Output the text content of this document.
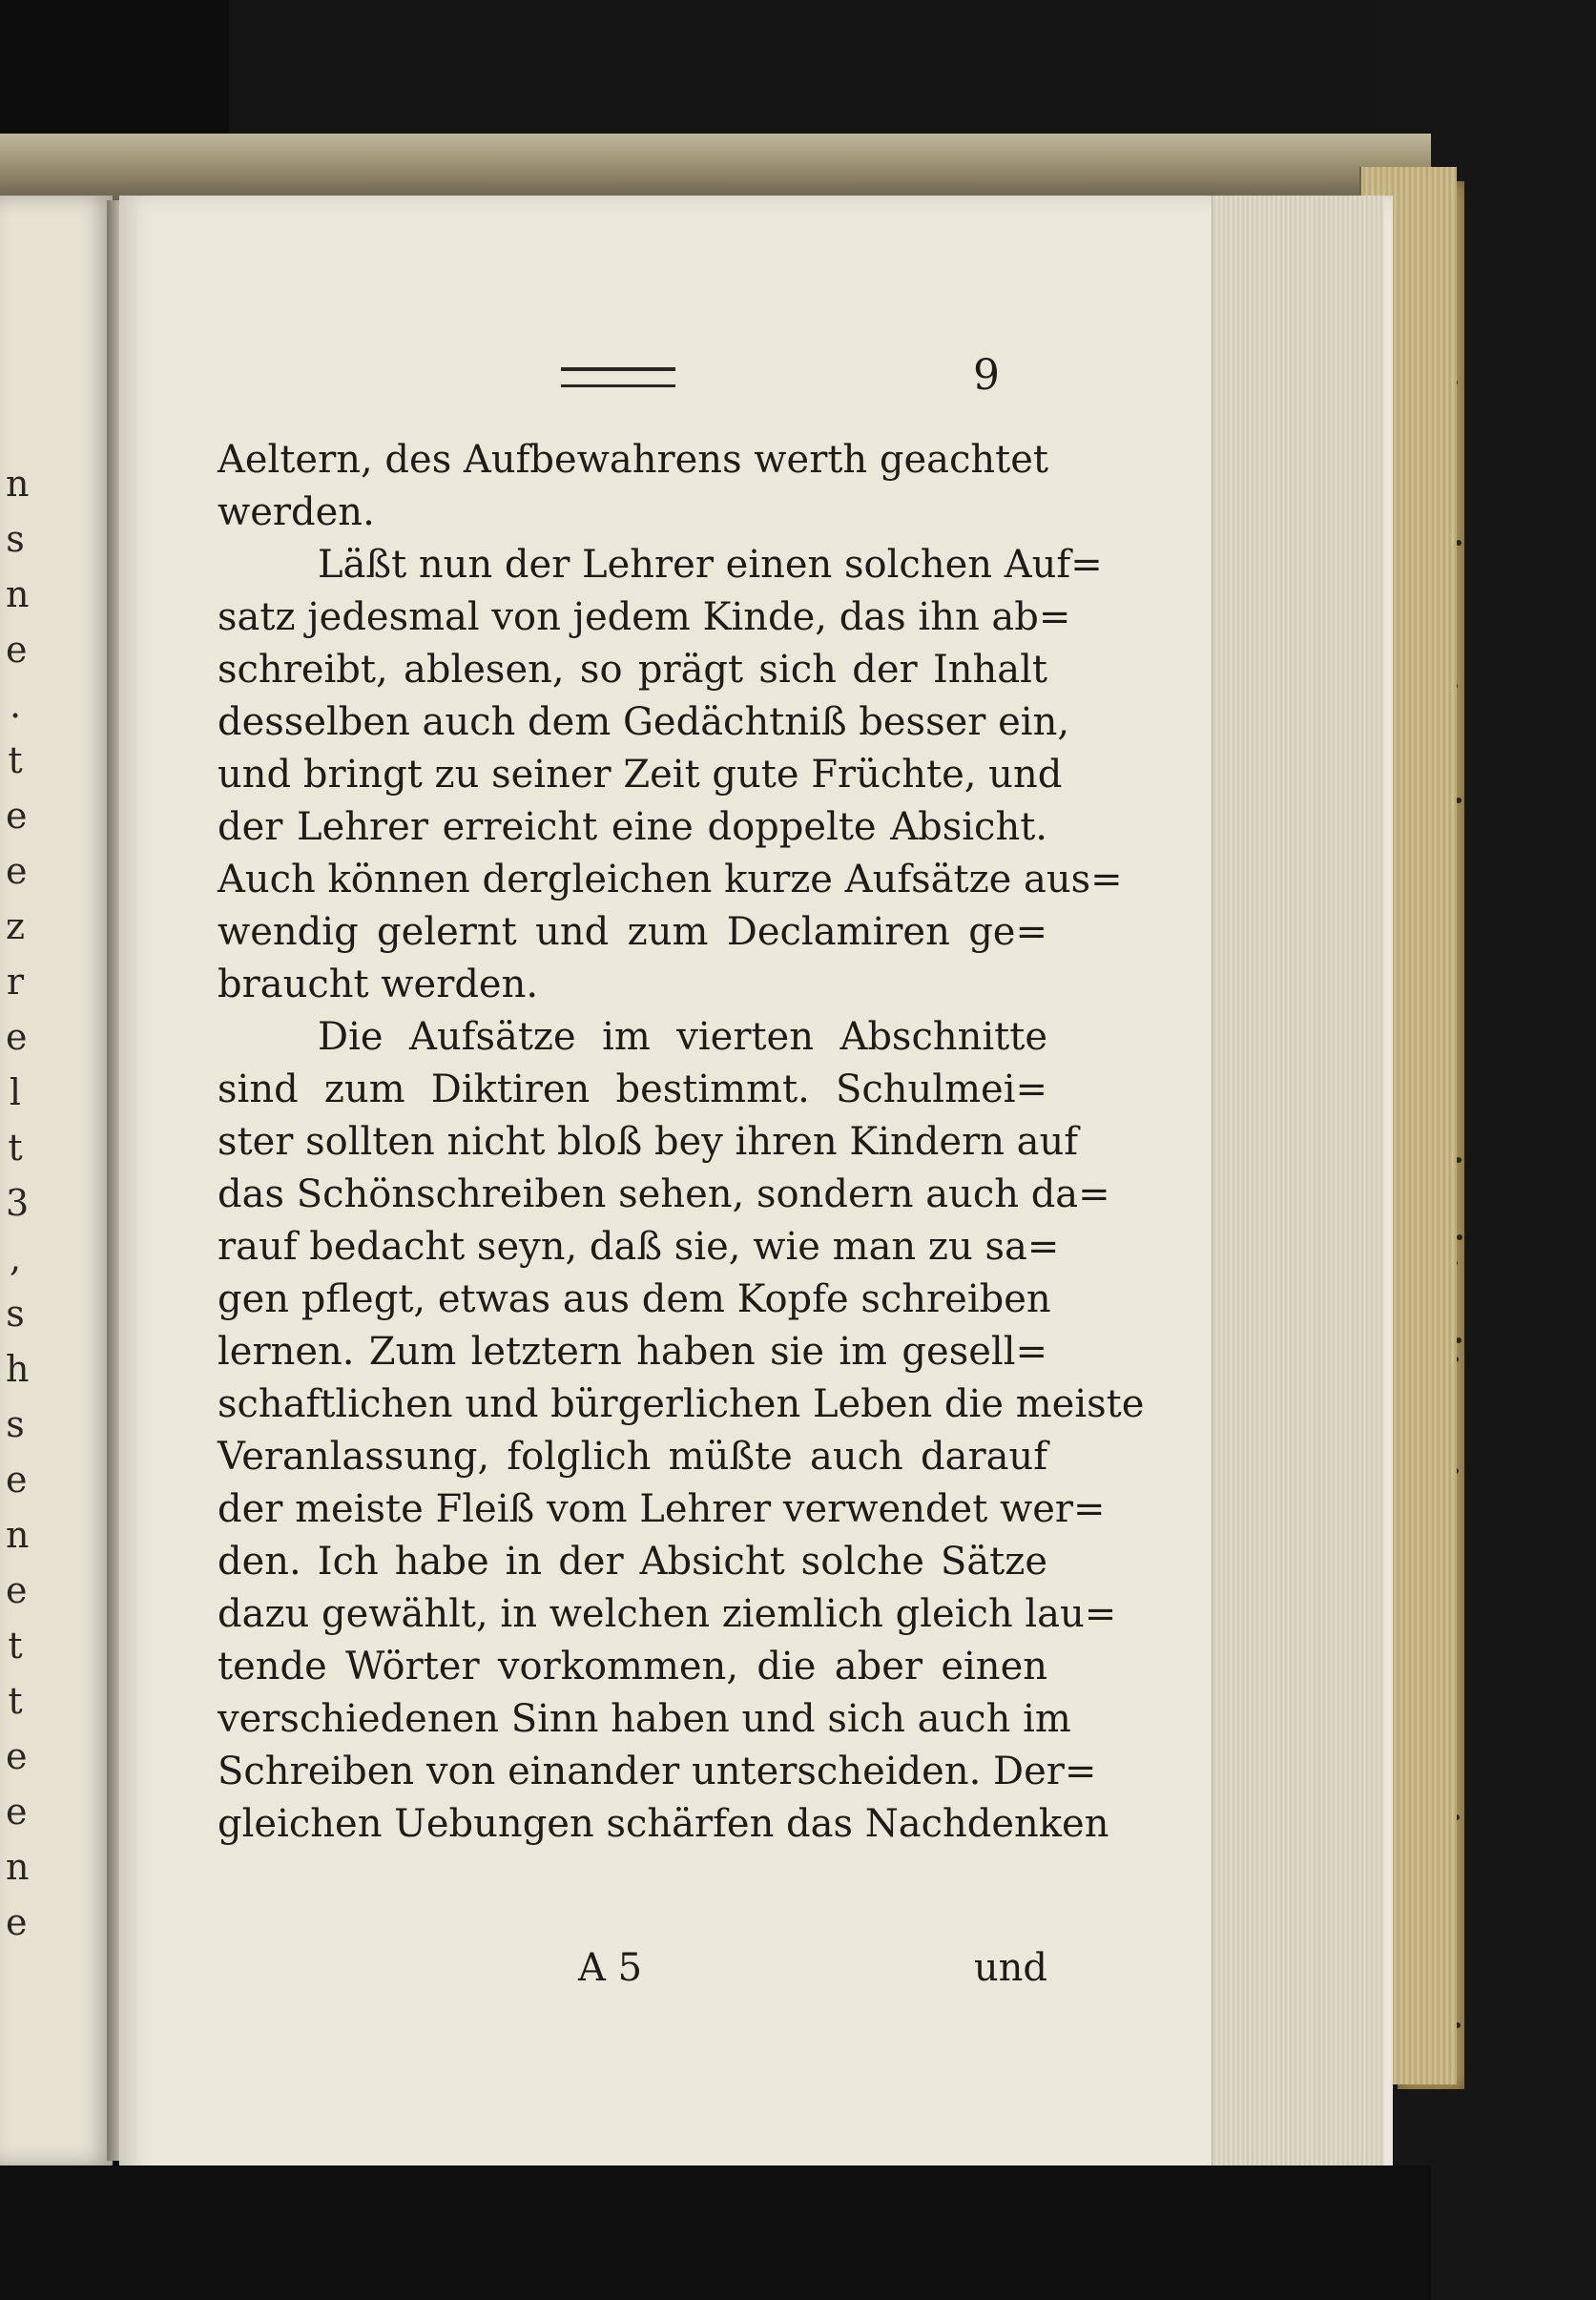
n
s
n
e
.
t
e
e
z
r
e
l
t
3
,
s
h
s
e
n
e
t
t
e
e
n
e
9
Aeltern, des Aufbewahrens werth geachtet
werden.
Läßt nun der Lehrer einen solchen Auf=
satz jedesmal von jedem Kinde, das ihn ab=
schreibt, ablesen, so prägt sich der Inhalt
desselben auch dem Gedächtniß besser ein,
und bringt zu seiner Zeit gute Früchte, und
der Lehrer erreicht eine doppelte Absicht.
Auch können dergleichen kurze Aufsätze aus=
wendig gelernt und zum Declamiren ge=
braucht werden.
Die Aufsätze im vierten Abschnitte
sind zum Diktiren bestimmt. Schulmei=
ster sollten nicht bloß bey ihren Kindern auf
das Schönschreiben sehen, sondern auch da=
rauf bedacht seyn, daß sie, wie man zu sa=
gen pflegt, etwas aus dem Kopfe schreiben
lernen. Zum letztern haben sie im gesell=
schaftlichen und bürgerlichen Leben die meiste
Veranlassung, folglich müßte auch darauf
der meiste Fleiß vom Lehrer verwendet wer=
den. Ich habe in der Absicht solche Sätze
dazu gewählt, in welchen ziemlich gleich lau=
tende Wörter vorkommen, die aber einen
verschiedenen Sinn haben und sich auch im
Schreiben von einander unterscheiden. Der=
gleichen Uebungen schärfen das Nachdenken
A 5	und
